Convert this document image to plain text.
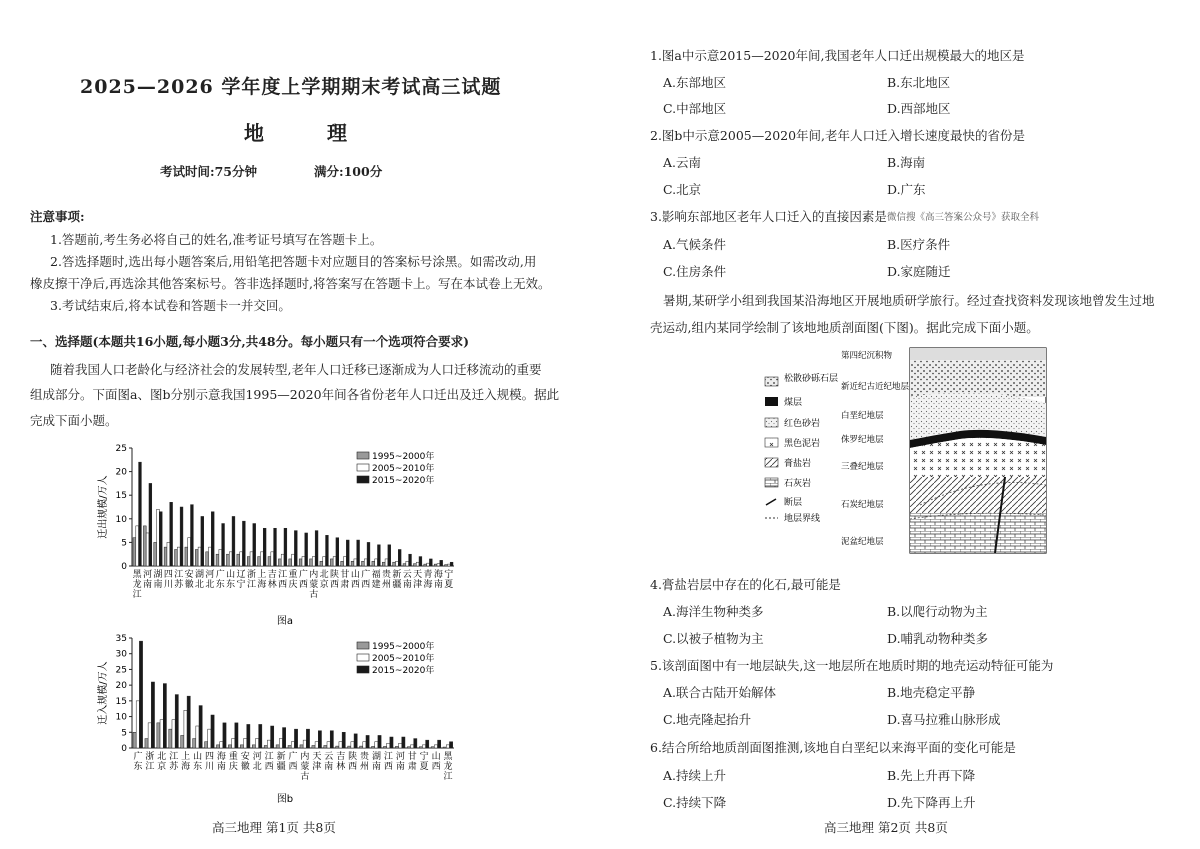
2025—2026 学年度上学期期末考试高三试题
地 理
考试时间:75分钟	满分:100分
注意事项:
1.答题前,考生务必将自己的姓名,准考证号填写在答题卡上。
2.答选择题时,选出每小题答案后,用铅笔把答题卡对应题目的答案标号涂黑。如需改动,用
橡皮擦干净后,再选涂其他答案标号。答非选择题时,将答案写在答题卡上。写在本试卷上无效。
3.考试结束后,将本试卷和答题卡一并交回。
一、选择题(本题共16小题,每小题3分,共48分。每小题只有一个选项符合要求)
随着我国人口老龄化与经济社会的发展转型,老年人口迁移已逐渐成为人口迁移流动的重要
组成部分。下面图a、图b分别示意我国1995—2020年间各省份老年人口迁出及迁入规模。据此
完成下面小题。
0
5
10
15
20
25
迁出规模/万人
黑
龙
江
河
南
湖
南
四
川
江
苏
安
徽
湖
北
河
北
广
东
山
东
辽
宁
浙
江
上
海
吉
林
江
西
重
庆
广
西
内
蒙
古
北
京
陕
西
甘
肃
山
西
广
西
福
建
贵
州
新
疆
云
南
天
津
青
海
海
南
宁
夏
1995~2000年
2005~2010年
2015~2020年
图a
0
5
10
15
20
25
30
35
迁入规模/万人
广
东
浙
江
北
京
江
苏
上
海
山
东
四
川
海
南
重
庆
安
徽
河
北
江
西
新
疆
广
西
内
蒙
古
天
津
云
南
吉
林
陕
西
贵
州
湖
南
江
西
河
南
甘
肃
宁
夏
山
西
黑
龙
江
1995~2000年
2005~2010年
2015~2020年
图b
高三地理 第1页 共8页
1.图a中示意2015—2020年间,我国老年人口迁出规模最大的地区是
A.东部地区	B.东北地区
C.中部地区	D.西部地区
2.图b中示意2005—2020年间,老年人口迁入增长速度最快的省份是
A.云南	B.海南
C.北京	D.广东
3.影响东部地区老年人口迁入的直接因素是 微信搜《高三答案公众号》获取全科
A.气候条件	B.医疗条件
C.住房条件	D.家庭随迁
暑期,某研学小组到我国某沿海地区开展地质研学旅行。经过查找资料发现该地曾发生过地
壳运动,组内某同学绘制了该地地质剖面图(下图)。据此完成下面小题。
松散砂砾石层
煤层
红色砂岩
黑色泥岩
膏盐岩
石灰岩
断层
地层界线
第四纪沉积物
新近纪古近纪地层
白垩纪地层
侏罗纪地层
三叠纪地层
石炭纪地层
泥盆纪地层
4.膏盐岩层中存在的化石,最可能是
A.海洋生物种类多	B.以爬行动物为主
C.以被子植物为主	D.哺乳动物种类多
5.该剖面图中有一地层缺失,这一地层所在地质时期的地壳运动特征可能为
A.联合古陆开始解体	B.地壳稳定平静
C.地壳隆起抬升	D.喜马拉雅山脉形成
6.结合所给地质剖面图推测,该地自白垩纪以来海平面的变化可能是
A.持续上升	B.先上升再下降
C.持续下降	D.先下降再上升
高三地理 第2页 共8页
